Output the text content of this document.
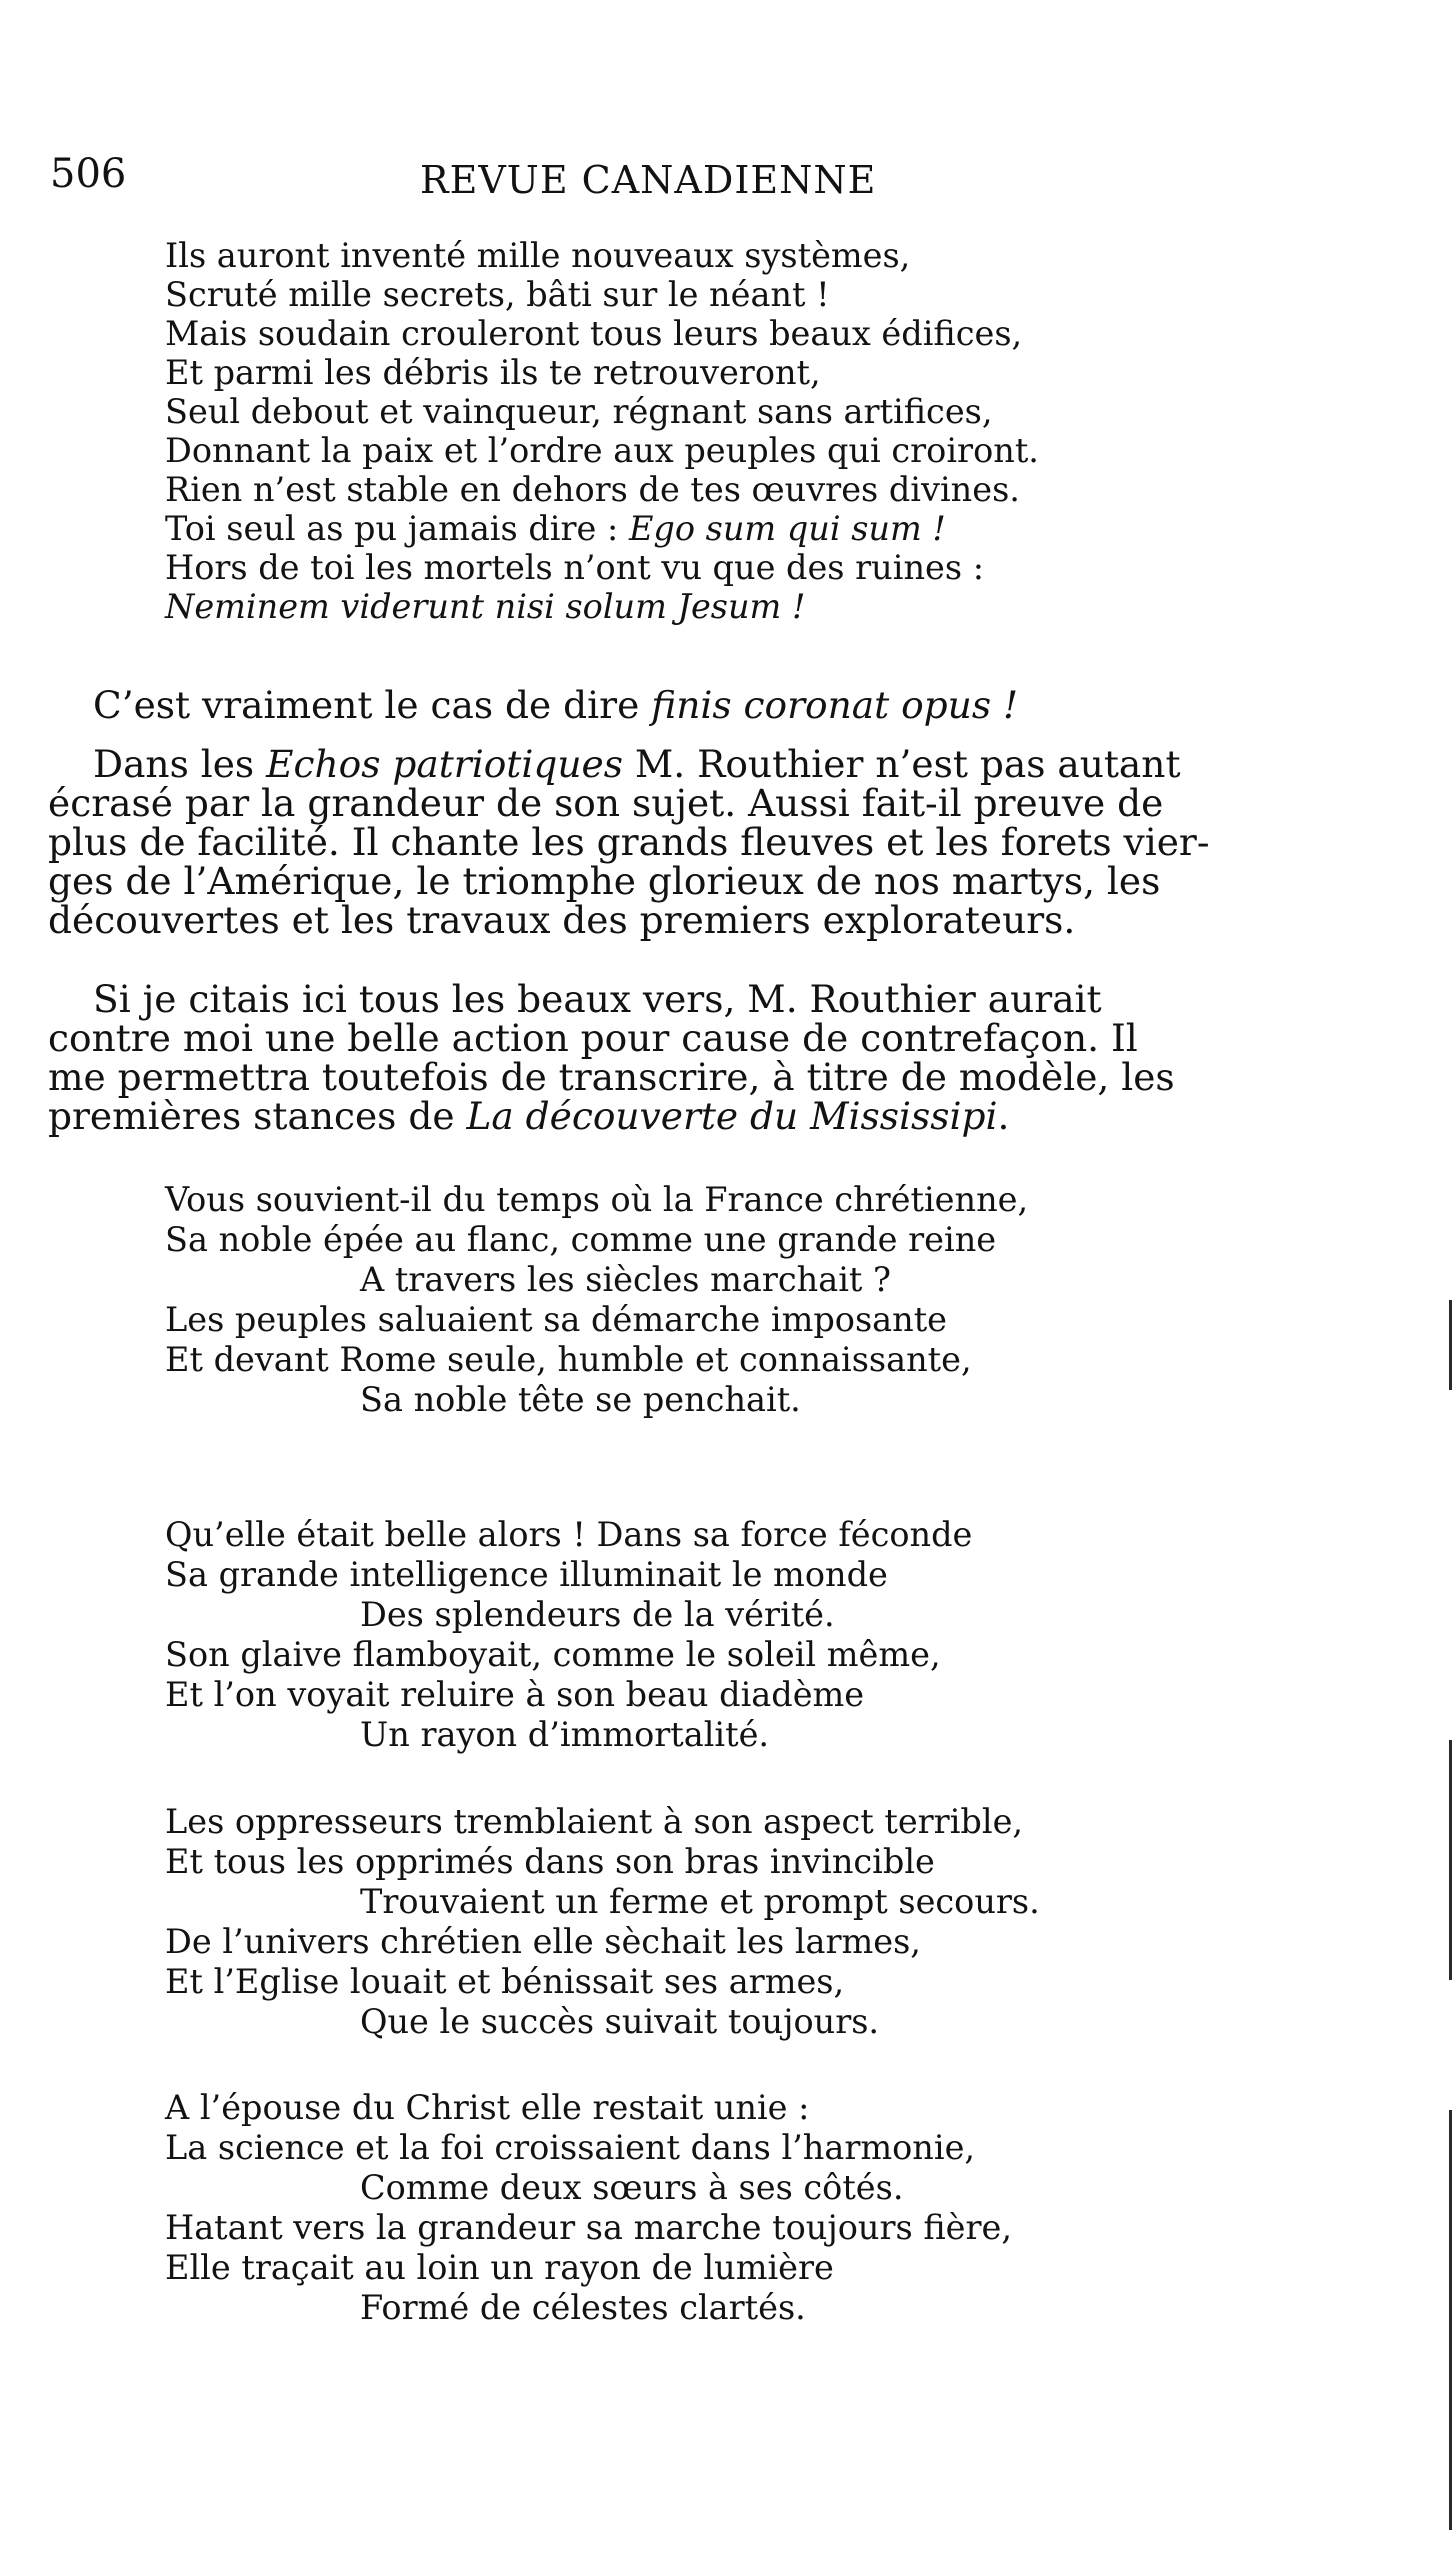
506	REVUE CANADIENNE
Ils auront inventé mille nouveaux systèmes,
Scruté mille secrets, bâti sur le néant !
Mais soudain crouleront tous leurs beaux édifices,
Et parmi les débris ils te retrouveront,
Seul debout et vainqueur, régnant sans artifices,
Donnant la paix et l’ordre aux peuples qui croiront.
Rien n’est stable en dehors de tes œuvres divines.
Toi seul as pu jamais dire : Ego sum qui sum !
Hors de toi les mortels n’ont vu que des ruines :
Neminem viderunt nisi solum Jesum !
C’est vraiment le cas de dire finis coronat opus !
Dans les Echos patriotiques M. Routhier n’est pas autant
écrasé par la grandeur de son sujet. Aussi fait-il preuve de
plus de facilité. Il chante les grands fleuves et les forets vier-
ges de l’Amérique, le triomphe glorieux de nos martys, les
découvertes et les travaux des premiers explorateurs.
Si je citais ici tous les beaux vers, M. Routhier aurait
contre moi une belle action pour cause de contrefaçon. Il
me permettra toutefois de transcrire, à titre de modèle, les
premières stances de La découverte du Mississipi.
Vous souvient-il du temps où la France chrétienne,
Sa noble épée au flanc, comme une grande reine
A travers les siècles marchait ?
Les peuples saluaient sa démarche imposante
Et devant Rome seule, humble et connaissante,
Sa noble tête se penchait.
Qu’elle était belle alors ! Dans sa force féconde
Sa grande intelligence illuminait le monde
Des splendeurs de la vérité.
Son glaive flamboyait, comme le soleil même,
Et l’on voyait reluire à son beau diadème
Un rayon d’immortalité.
Les oppresseurs tremblaient à son aspect terrible,
Et tous les opprimés dans son bras invincible
Trouvaient un ferme et prompt secours.
De l’univers chrétien elle sèchait les larmes,
Et l’Eglise louait et bénissait ses armes,
Que le succès suivait toujours.
A l’épouse du Christ elle restait unie :
La science et la foi croissaient dans l’harmonie,
Comme deux sœurs à ses côtés.
Hatant vers la grandeur sa marche toujours fière,
Elle traçait au loin un rayon de lumière
Formé de célestes clartés.
